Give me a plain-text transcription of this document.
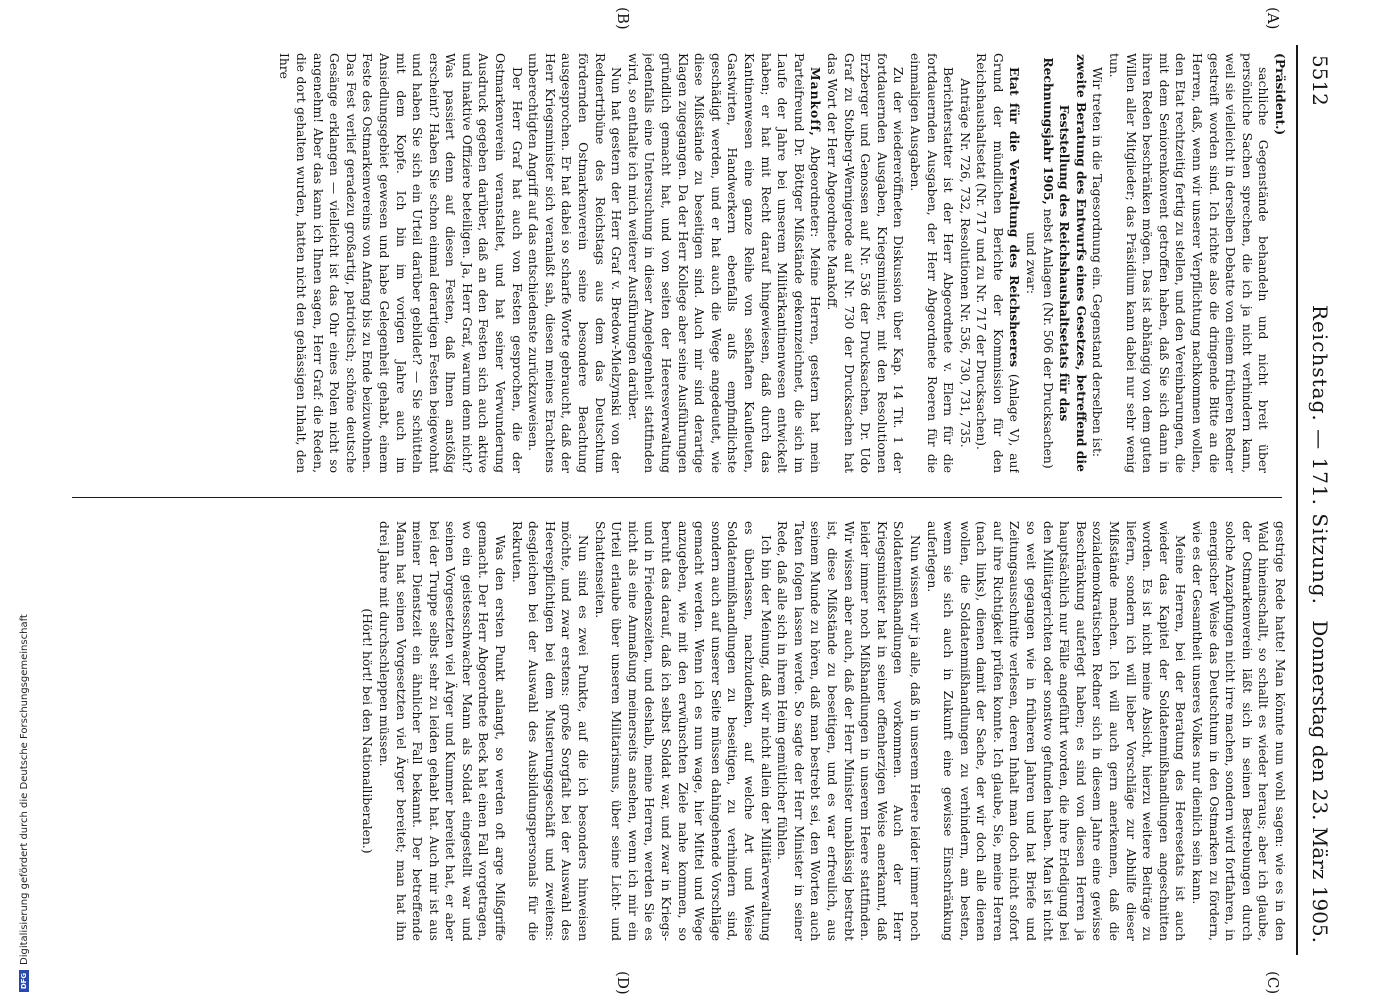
DFGDigitalisierung gefördert durch die Deutsche Forschungsgemeinschaft
5512
Reichstag. — 171. Sitzung.
Donnerstag den 23. März 1905.
(A)
(B)
(C)
(D)

(Präsident.)

sachliche Gegenstände behandeln und nicht breit über persönliche Sachen sprechen, die ich ja nicht verhindern kann, weil sie vielleicht in derselben Debatte von einem früheren Redner gestreift worden sind. Ich richte also die dringende Bitte an die Herren, daß, wenn wir unserer Verpflichtung nachkommen wollen, den Etat rechtzeitig fertig zu stellen, und den Vereinbarungen, die mit dem Seniorenkonvent getroffen haben, daß Sie sich dann in ihren Reden beschränken mögen. Das ist abhängig von dem guten Willen aller Mitglieder; das Präsidium kann dabei nur sehr wenig tun.

Wir treten in die Tagesordnung ein. Gegenstand derselben ist:

zweite Beratung des Entwurfs eines Gesetzes, betreffend die Feststellung des Reichshaushaltsetats für das Rechnungsjahr 1905, nebst Anlagen (Nr. 506 der Drucksachen)

und zwar:

Etat für die Verwaltung des Reichsheeres (Anlage V), auf Grund der mündlichen Berichte der Kommission für den Reichshaushaltsetat (Nr. 717 und zu Nr. 717 der Drucksachen).

Anträge Nr. 726, 732, Resolutionen Nr. 536, 730, 731, 735.

Berichterstatter ist der Herr Abgeordnete v. Elern für die fortdauernden Ausgaben, der Herr Abgeordnete Roeren für die einmaligen Ausgaben.

Zu der wiedereröffneten Diskussion über Kap. 14 Tit. 1 der fortdauernden Ausgaben, Kriegsminister, mit den Resolutionen Erzberger und Genossen auf Nr. 536 der Drucksachen, Dr. Udo Graf zu Stolberg-Wernigerode auf Nr. 730 der Drucksachen hat das Wort der Herr Abgeordnete Mankoff.

Mankoff, Abgeordneter: Meine Herren, gestern hat mein Parteifreund Dr. Böttger Mißstände gekennzeichnet, die sich im Laufe der Jahre bei unserem Militärkantinenwesen entwickelt haben; er hat mit Recht darauf hingewiesen, daß durch das Kantinenwesen eine ganze Reihe von seßhaften Kaufleuten, Gastwirten, Handwerkern ebenfalls aufs empfindlichste geschädigt werden, und er hat auch die Wege angedeutet, wie diese Mißstände zu beseitigen sind. Auch mir sind derartige Klagen zugegangen. Da der Herr Kollege aber seine Ausführungen gründlich gemacht hat, und von seiten der Heeresverwaltung jedenfalls eine Untersuchung in dieser Angelegenheit stattfinden wird, so enthalte ich mich weiterer Ausführungen darüber.

Nun hat gestern der Herr Graf v. Bredow-Mielzynski von der Rednertribüne des Reichstags aus dem das Deutschtum fördernden Ostmarkenverein seine besondere Beachtung ausgesprochen. Er hat dabei so scharfe Worte gebraucht, daß der Herr Kriegsminister sich veranlaßt sah, diesen meines Erachtens unberechtigten Angriff auf das entschiedenste zurückzuweisen.

Der Herr Graf hat auch von Festen gesprochen, die der Ostmarkenverein veranstaltet, und hat seiner Verwunderung Ausdruck gegeben darüber, daß an den Festen sich auch aktive und inaktive Offiziere beteiligen. Ja, Herr Graf, warum denn nicht? Was passiert denn auf diesen Festen, daß Ihnen anstößig erscheint? Haben Sie schon einmal derartigen Festen beigewohnt und haben Sie sich ein Urteil darüber gebildet? — Sie schütteln mit dem Kopfe. Ich bin im vorigen Jahre auch im Ansiedlungsgebiet gewesen und habe Gelegenheit gehabt, einem Feste des Ostmarkenvereins von Anfang bis zu Ende beizuwohnen. Das Fest verlief geradezu großartig, patriotisch; schöne deutsche Gesänge erklangen — vielleicht ist das Ohr eines Polen nicht so angenehm! Aber das kann ich Ihnen sagen, Herr Graf: die Reden, die dort gehalten wurden, hatten nicht den gehässigen Inhalt, den Ihre

gestrige Rede hatte! Man könnte nun wohl sagen: wie es in den Wald hineinschallt, so schallt es wieder heraus; aber ich glaube, der Ostmarkenverein läßt sich in seinen Bestrebungen durch solche Anzapfungen nicht irre machen, sondern wird fortfahren, in energischer Weise das Deutschtum in den Ostmarken zu fördern, wie es der Gesamtheit unseres Volkes nur dienlich sein kann.

Meine Herren, bei der Beratung des Heeresetats ist auch wieder das Kapitel der Soldatenmißhandlungen angeschnitten worden. Es ist nicht meine Absicht, hierzu weitere Beiträge zu liefern, sondern ich will lieber Vorschläge zur Abhilfe dieser Mißstände machen. Ich will auch gern anerkennen, daß die sozialdemokratischen Redner sich in diesem Jahre eine gewisse Beschränkung auferlegt haben; es sind von diesen Herren ja hauptsächlich nur Fälle angeführt worden, die ihre Erledigung bei den Militärgerichten oder sonstwo gefunden haben. Man ist nicht so weit gegangen wie in früheren Jahren und hat Briefe und Zeitungsausschnitte verlesen, deren Inhalt man doch nicht sofort auf ihre Richtigkeit prüfen konnte. Ich glaube, Sie, meine Herren (nach links), dienen damit der Sache, der wir doch alle dienen wollen, die Soldatenmißhandlungen zu verhindern, am besten, wenn sie sich auch in Zukunft eine gewisse Einschränkung auferlegen.

Nun wissen wir ja alle, daß in unserem Heere leider immer noch Soldatenmißhandlungen vorkommen. Auch der Herr Kriegsminister hat in seiner offenherzigen Weise anerkannt, daß leider immer noch Mißhandlungen in unserem Heere stattfinden. Wir wissen aber auch, daß der Herr Minister unablässig bestrebt ist, diese Mißstände zu beseitigen, und es war erfreulich, aus seinem Munde zu hören, daß man bestrebt sei, den Worten auch Taten folgen lassen werde. So sagte der Herr Minister in seiner Rede, daß alle sich in ihrem Heim gemütlicher fühlen.

Ich bin der Meinung, daß wir nicht allein der Militärverwaltung es überlassen, nachzudenken, auf welche Art und Weise Soldatenmißhandlungen zu beseitigen, zu verhindern sind, sondern auch auf unserer Seite müssen dahingehende Vorschläge gemacht werden. Wenn ich es nun wage, hier Mittel und Wege anzugeben, wie mit den erwünschten Ziele nahe kommen, so beruht das darauf, daß ich selbst Soldat war, und zwar in Kriegs- und in Friedenszeiten, und deshalb, meine Herren, werden Sie es nicht als eine Anmaßung meinerseits ansehen, wenn ich mir ein Urteil erlaube über unseren Militarismus, über seine Licht- und Schattenseiten.

Nun sind es zwei Punkte, auf die ich besonders hinweisen möchte, und zwar erstens: große Sorgfalt bei der Auswahl des Heerespflichtigen bei dem Musterungsgeschäft und zweitens: desgleichen bei der Auswahl des Ausbildungspersonals für die Rekruten.

Was den ersten Punkt anlangt, so werden oft arge Mißgriffe gemacht. Der Herr Abgeordnete Beck hat einen Fall vorgetragen, wo ein geistesschwacher Mann als Soldat eingestellt war und seinen Vorgesetzten viel Ärger und Kummer bereitet hat, er aber bei der Truppe selbst sehr zu leiden gehabt hat. Auch mir ist aus meiner Dienstzeit ein ähnlicher Fall bekannt. Der betreffende Mann hat seinen Vorgesetzten viel Ärger bereitet; man hat ihn drei Jahre mit durchschleppen müssen.

(Hört! hört! bei den Nationalliberalen.)
